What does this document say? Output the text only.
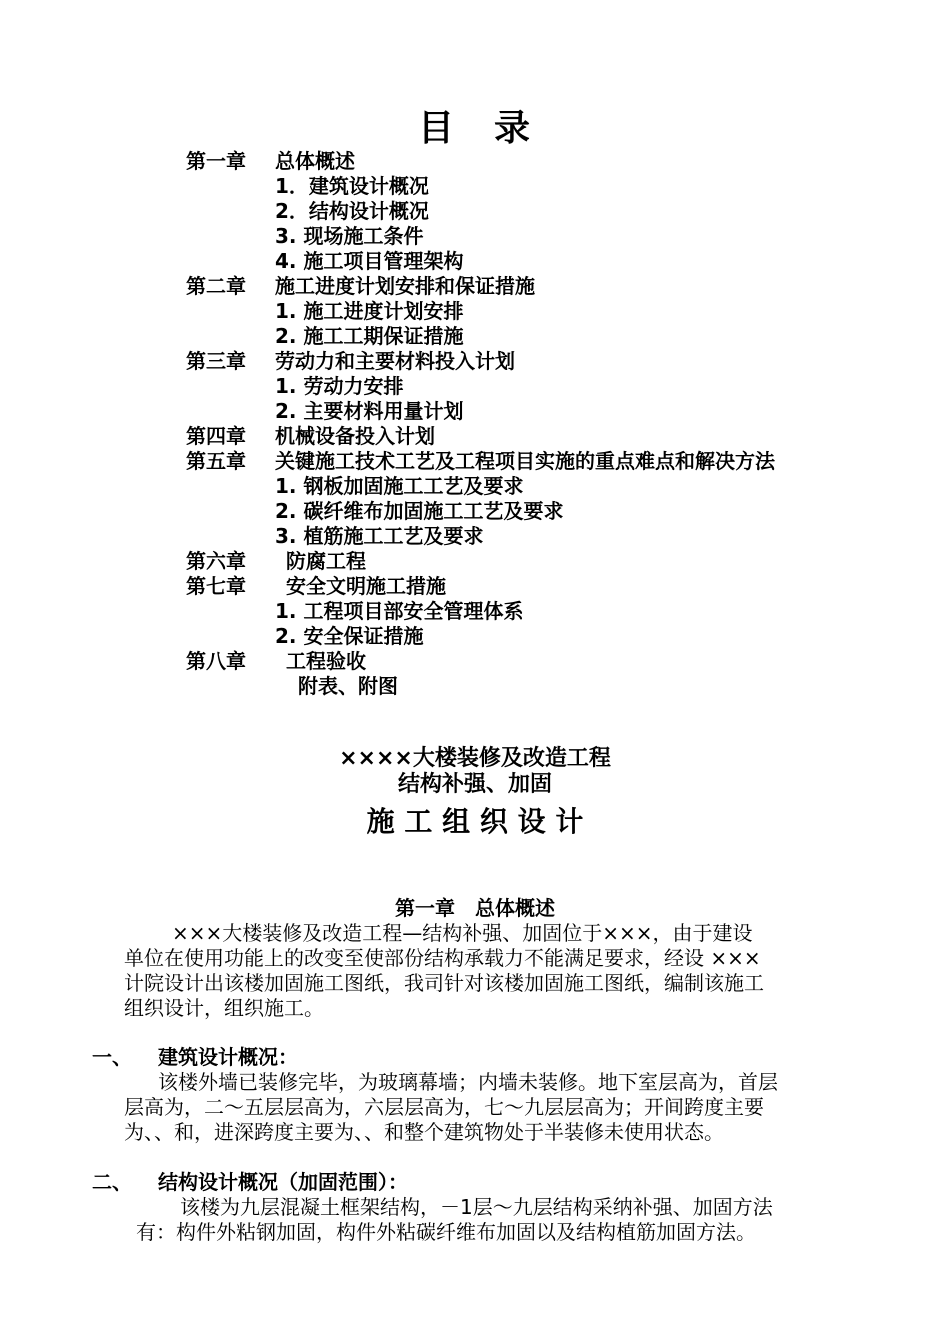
目　录
第一章 总体概述
1．建筑设计概况
2．结构设计概况
3. 现场施工条件
4. 施工项目管理架构
第二章 施工进度计划安排和保证措施
1. 施工进度计划安排
2. 施工工期保证措施
第三章 劳动力和主要材料投入计划
1. 劳动力安排
2. 主要材料用量计划
第四章 机械设备投入计划
第五章 关键施工技术工艺及工程项目实施的重点难点和解决方法
1. 钢板加固施工工艺及要求
2. 碳纤维布加固施工工艺及要求
3. 植筋施工工艺及要求
第六章 防腐工程
第七章 安全文明施工措施
1. 工程项目部安全管理体系
2. 安全保证措施
第八章 工程验收
附表、附图
××××大楼装修及改造工程
结构补强、加固
施 工 组 织 设 计
第一章　总体概述
×××大楼装修及改造工程—结构补强、加固位于×××，由于建设
单位在使用功能上的改变至使部份结构承载力不能满足要求，经设 ×××
计院设计出该楼加固施工图纸，我司针对该楼加固施工图纸，编制该施工
组织设计，组织施工。
一、 建筑设计概况：
该楼外墙已装修完毕，为玻璃幕墙；内墙未装修。地下室层高为，首层
层高为，二～五层层高为，六层层高为，七～九层层高为；开间跨度主要
为、、和，进深跨度主要为、、和整个建筑物处于半装修未使用状态。
二、 结构设计概况（加固范围）：
该楼为九层混凝土框架结构，－1层～九层结构采纳补强、加固方法
有：构件外粘钢加固，构件外粘碳纤维布加固以及结构植筋加固方法。
